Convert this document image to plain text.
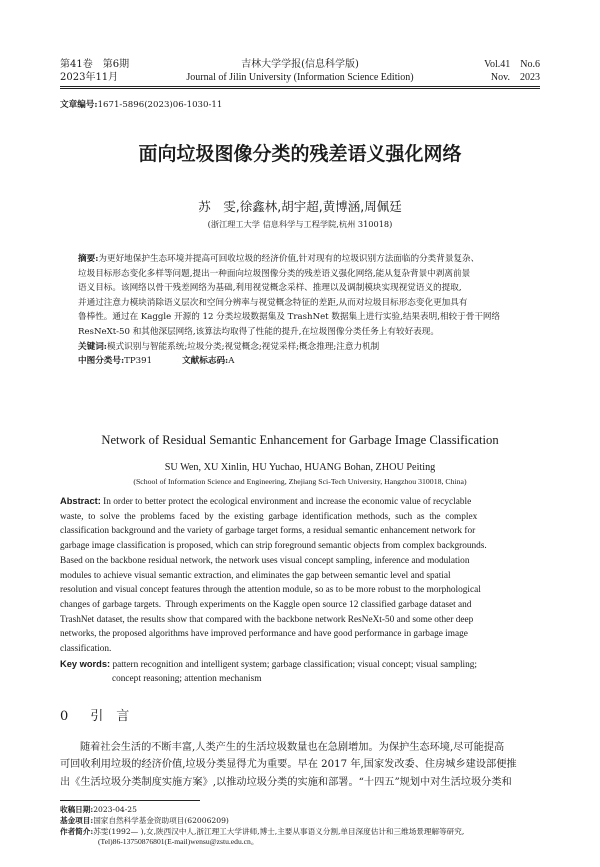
第41卷　第6期
2023年11月
吉林大学学报(信息科学版)
Journal of Jilin University (Information Science Edition)
Vol.41　No.6
Nov.　2023
文章编号:1671-5896(2023)06-1030-11
面向垃圾图像分类的残差语义强化网络
苏　雯,徐鑫林,胡宇超,黄博涵,周佩廷
(浙江理工大学 信息科学与工程学院,杭州 310018)
摘要:为更好地保护生态环境并提高可回收垃圾的经济价值,针对现有的垃圾识别方法面临的分类背景复杂、
垃圾目标形态变化多样等问题,提出一种面向垃圾图像分类的残差语义强化网络,能从复杂背景中剥离前景
语义目标。该网络以骨干残差网络为基础,利用视觉概念采样、推理以及调制模块实现视觉语义的提取,
并通过注意力模块消除语义层次和空间分辨率与视觉概念特征的差距,从而对垃圾目标形态变化更加具有
鲁棒性。通过在 Kaggle 开源的 12 分类垃圾数据集及 TrashNet 数据集上进行实验,结果表明,相较于骨干网络
ResNeXt-50 和其他深层网络,该算法均取得了性能的提升,在垃圾图像分类任务上有较好表现。
关键词:模式识别与智能系统;垃圾分类;视觉概念;视觉采样;概念推理;注意力机制
中图分类号:TP391	文献标志码:A
Network of Residual Semantic Enhancement for Garbage Image Classification
SU Wen, XU Xinlin, HU Yuchao, HUANG Bohan, ZHOU Peiting
(School of Information Science and Engineering, Zhejiang Sci-Tech University, Hangzhou 310018, China)
Abstract: In order to better protect the ecological environment and increase the economic value of recyclable
waste,  to  solve  the  problems  faced  by  the  existing  garbage  identification  methods,  such  as  the  complex
classification background and the variety of garbage target forms, a residual semantic enhancement network for
garbage image classification is proposed, which can strip foreground semantic objects from complex backgrounds.
Based on the backbone residual network, the network uses visual concept sampling, inference and modulation
modules to achieve visual semantic extraction, and eliminates the gap between semantic level and spatial
resolution and visual concept features through the attention module, so as to be more robust to the morphological
changes of garbage targets.  Through experiments on the Kaggle open source 12 classified garbage dataset and
TrashNet dataset, the results show that compared with the backbone network ResNeXt-50 and some other deep
networks, the proposed algorithms have improved performance and have good performance in garbage image
classification.
Key words: pattern recognition and intelligent system; garbage classification; visual concept; visual sampling;
concept reasoning; attention mechanism
0 引　言
随着社会生活的不断丰富,人类产生的生活垃圾数量也在急剧增加。为保护生态环境,尽可能提高
可回收利用垃圾的经济价值,垃圾分类显得尤为重要。早在 2017 年,国家发改委、住房城乡建设部便推
出《生活垃圾分类制度实施方案》,以推动垃圾分类的实施和部署。“十四五”规划中对生活垃圾分类和
收稿日期:2023-04-25
基金项目:国家自然科学基金资助项目(62006209)
作者简介:苏雯(1992— ),女,陕西汉中人,浙江理工大学讲师,博士,主要从事语义分割,单目深度估计和三维场景理解等研究,
(Tel)86-13750876801(E-mail)wensu@zstu.edu.cn。
